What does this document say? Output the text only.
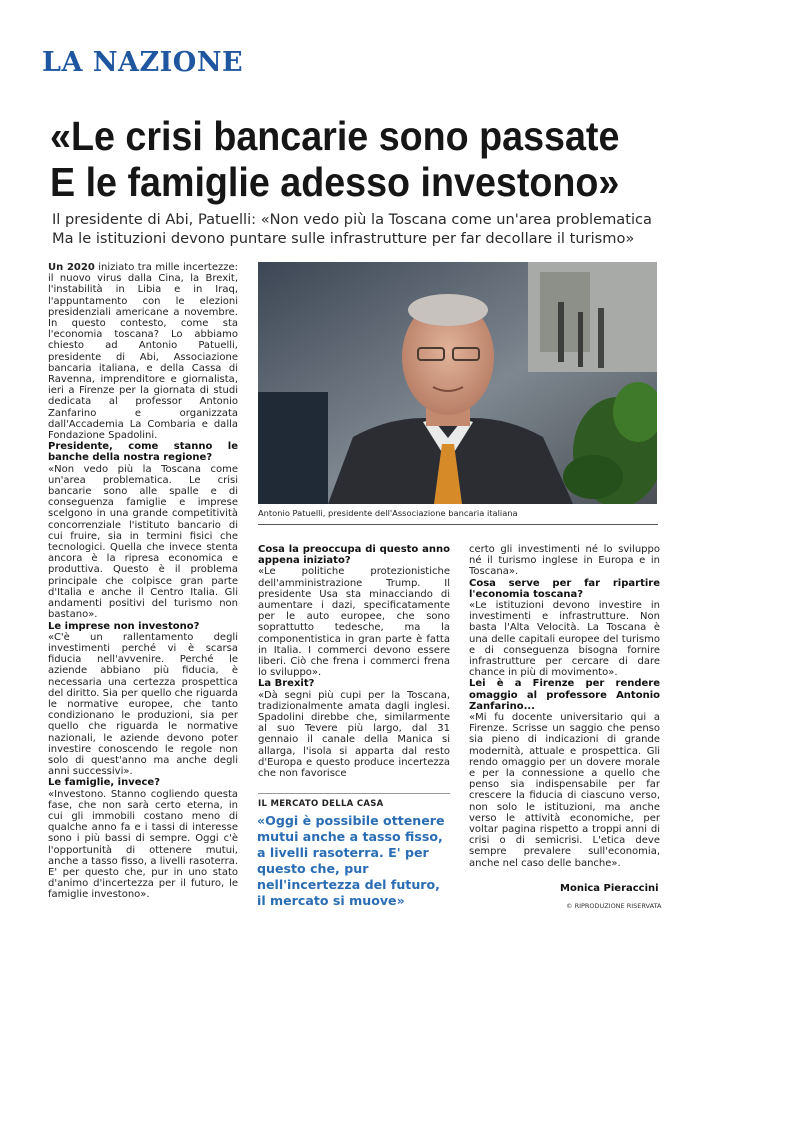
LA NAZIONE
«Le crisi bancarie sono passate
E le famiglie adesso investono»
Il presidente di Abi, Patuelli: «Non vedo più la Toscana come un'area problematica
Ma le istituzioni devono puntare sulle infrastrutture per far decollare il turismo»

Un 2020 iniziato tra mille incertezze: il nuovo virus dalla Cina, la Brexit, l'instabilità in Libia e in Iraq, l'appuntamento con le elezioni presidenziali americane a novembre. In questo contesto, come sta l'economia toscana? Lo abbiamo chiesto ad Antonio Patuelli, presidente di Abi, Associazione bancaria italiana, e della Cassa di Ravenna, imprenditore e giornalista, ieri a Firenze per la giornata di studi dedicata al professor Antonio Zanfarino e organizzata dall'Accademia La Combaria e dalla Fondazione Spadolini.

Presidente, come stanno le banche della nostra regione?

«Non vedo più la Toscana come un'area problematica. Le crisi bancarie sono alle spalle e di conseguenza famiglie e imprese scelgono in una grande competitività concorrenziale l'istituto bancario di cui fruire, sia in termini fisici che tecnologici. Quella che invece stenta ancora è la ripresa economica e produttiva. Questo è il problema principale che colpisce gran parte d'Italia e anche il Centro Italia. Gli andamenti positivi del turismo non bastano».

Le imprese non investono?

«C'è un rallentamento degli investimenti perché vi è scarsa fiducia nell'avvenire. Perché le aziende abbiano più fiducia, è necessaria una certezza prospettica del diritto. Sia per quello che riguarda le normative europee, che tanto condizionano le produzioni, sia per quello che riguarda le normative nazionali, le aziende devono poter investire conoscendo le regole non solo di quest'anno ma anche degli anni successivi».

Le famiglie, invece?

«Investono. Stanno cogliendo questa fase, che non sarà certo eterna, in cui gli immobili costano meno di qualche anno fa e i tassi di interesse sono i più bassi di sempre. Oggi c'è l'opportunità di ottenere mutui, anche a tasso fisso, a livelli rasoterra. E' per questo che, pur in uno stato d'animo d'incertezza per il futuro, le famiglie investono».

Antonio Patuelli, presidente dell'Associazione bancaria italiana

Cosa la preoccupa di questo anno appena iniziato?

«Le politiche protezionistiche dell'amministrazione Trump. Il presidente Usa sta minacciando di aumentare i dazi, specificatamente per le auto europee, che sono soprattutto tedesche, ma la componentistica in gran parte è fatta in Italia. I commerci devono essere liberi. Ciò che frena i commerci frena lo sviluppo».

La Brexit?

«Dà segni più cupi per la Toscana, tradizionalmente amata dagli inglesi. Spadolini direbbe che, similarmente al suo Tevere più largo, dal 31 gennaio il canale della Manica si allarga, l'isola si apparta dal resto d'Europa e questo produce incertezza che non favorisce

IL MERCATO DELLA CASA
«Oggi è possibile ottenere
mutui anche a tasso fisso,
a livelli rasoterra. E' per
questo che, pur
nell'incertezza del futuro,
il mercato si muove»

certo gli investimenti né lo sviluppo né il turismo inglese in Europa e in Toscana».

Cosa serve per far ripartire l'economia toscana?

«Le istituzioni devono investire in investimenti e infrastrutture. Non basta l'Alta Velocità. La Toscana è una delle capitali europee del turismo e di conseguenza bisogna fornire infrastrutture per cercare di dare chance in più di movimento».

Lei è a Firenze per rendere omaggio al professore Antonio Zanfarino...

«Mi fu docente universitario qui a Firenze. Scrisse un saggio che penso sia pieno di indicazioni di grande modernità, attuale e prospettica. Gli rendo omaggio per un dovere morale e per la connessione a quello che penso sia indispensabile per far crescere la fiducia di ciascuno verso, non solo le istituzioni, ma anche verso le attività economiche, per voltar pagina rispetto a troppi anni di crisi o di semicrisi. L'etica deve sempre prevalere sull'economia, anche nel caso delle banche».

Monica Pieraccini
© RIPRODUZIONE RISERVATA
